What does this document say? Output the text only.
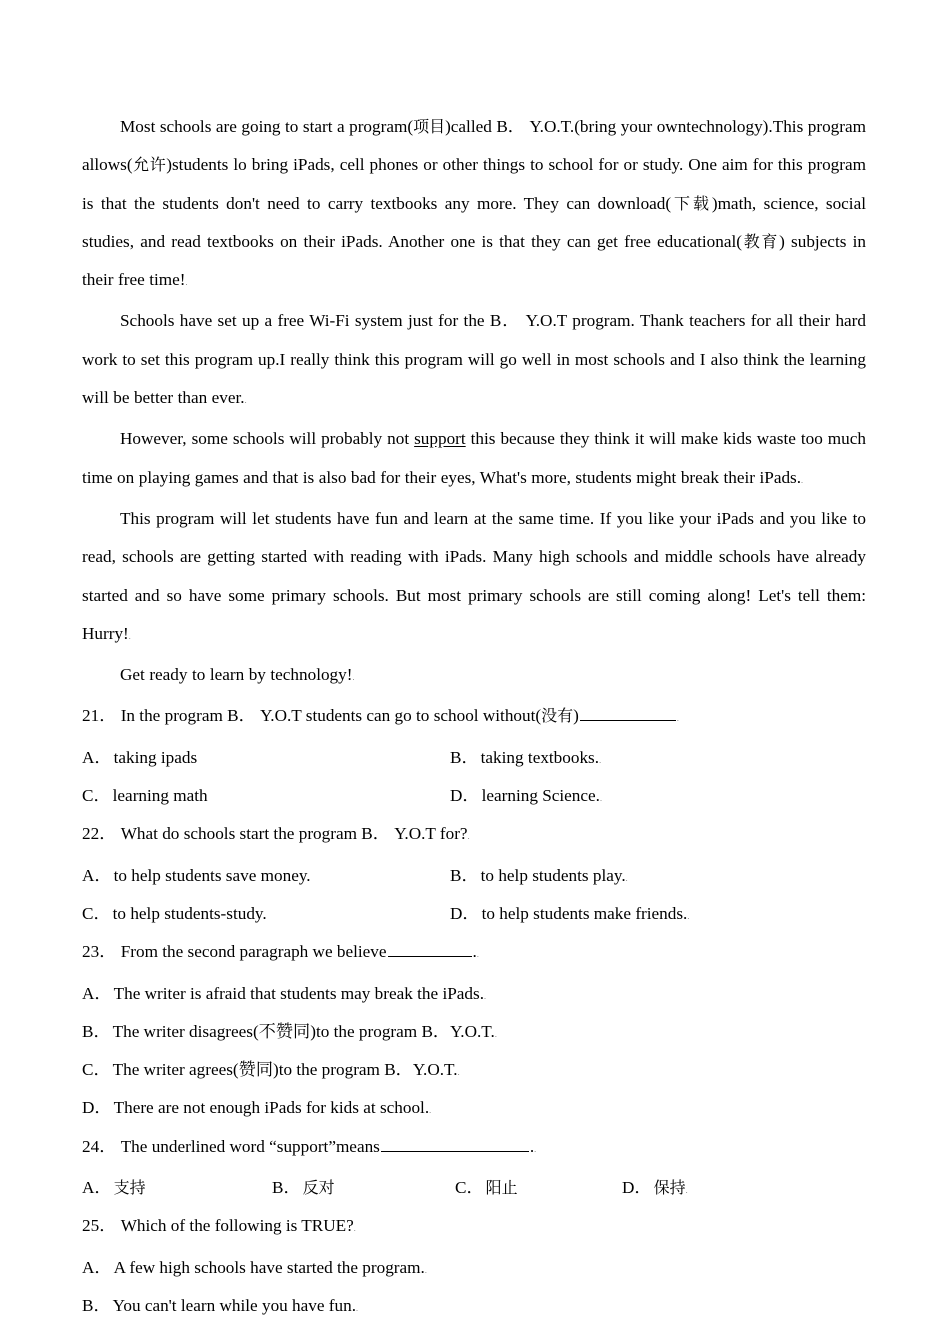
Most schools are going to start a program(项目)called B． Y.O.T.(bring your owntechnology).This program allows(允许)students lo bring iPads, cell phones or other things to school for or study. One aim for this program is that the students don't need to carry textbooks any more. They can download(下载)math, science, social studies, and read textbooks on their iPads. Another one is that they can get free educational(教育) subjects in their free time!.

Schools have set up a free Wi-Fi system just for the B． Y.O.T program. Thank teachers for all their hard work to set this program up.I really think this program will go well in most schools and I also think the learning will be better than ever..

However, some schools will probably not support this because they think it will make kids waste too much time on playing games and that is also bad for their eyes, What's more, students might break their iPads..

This program will let students have fun and learn at the same time. If you like your iPads and you like to read, schools are getting started with reading with iPads. Many high schools and middle schools have already started and so have some primary schools. But most primary schools are still coming along! Let's tell them: Hurry!.

Get ready to learn by technology!.

21． In the program B． Y.O.T students can go to school without(没有)	.
A． taking ipads	B． taking textbooks..
C． learning math	D． learning Science..
22． What do schools start the program B． Y.O.T for?.
A． to help students save money.	B． to help students play..
C． to help students-study.	D． to help students make friends..
23． From the second paragraph we believe	..
A． The writer is afraid that students may break the iPads..
B． The writer disagrees(不赞同)to the program B．Y.O.T..
C． The writer agrees(赞同)to the program B．Y.O.T..
D． There are not enough iPads for kids at school..
24． The underlined word “support”means	..
A． 支持	B． 反对	C． 阳止	D． 保持.
25． Which of the following is TRUE?.
A． A few high schools have started the program..
B． You can't learn while you have fun..
